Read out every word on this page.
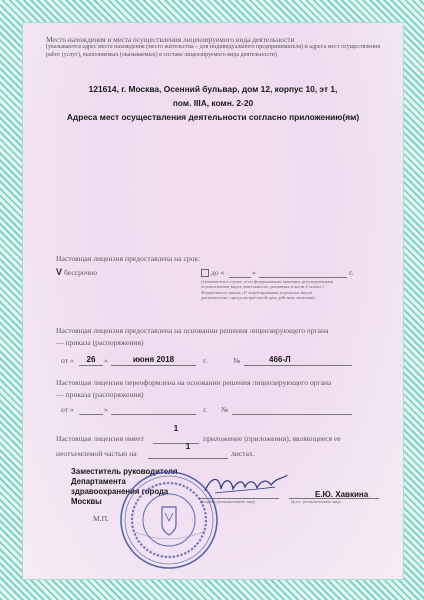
Место нахождения и места осуществления лицензируемого вида деятельности
(указываются адрес места нахождения (место жительства – для индивидуального предпринимателя) и адреса мест осуществления работ (услуг), выполняемых (оказываемых) в составе лицензируемого вида деятельности)
121614, г. Москва, Осенний бульвар, дом 12, корпус 10, эт 1,
пом. IIIA, комн. 2-20
Адреса мест осуществления деятельности согласно приложению(ям)
Настоящая лицензия предоставлена на срок:
V бессрочно	до «	»	г.
(указывается в случае, если федеральными законами, регулирующими осуществление видов деятельности, указанных в части 4 статьи 1 Федерального закона «О лицензировании отдельных видов деятельности», предусмотрен иной срок действия лицензии)
Настоящая лицензия предоставлена на основании решения лицензирующего органа
— приказа (распоряжения)
от «	26	»	июня 2018	г.	№	466-Л
Настоящая лицензия переоформлена на основании решения лицензирующего органа
— приказа (распоряжения)
от «	»	г. №
Настоящая лицензия имеет
1
приложение (приложения), являющееся ее
неотъемлемой частью на
1
листах.
Заместитель руководителя
Департамента
здравоохранения города
Москвы	(подпись уполномоченного лица)
Е.Ю. Хавкина
(ф.и.о. уполномоченного лица)
М.П.
